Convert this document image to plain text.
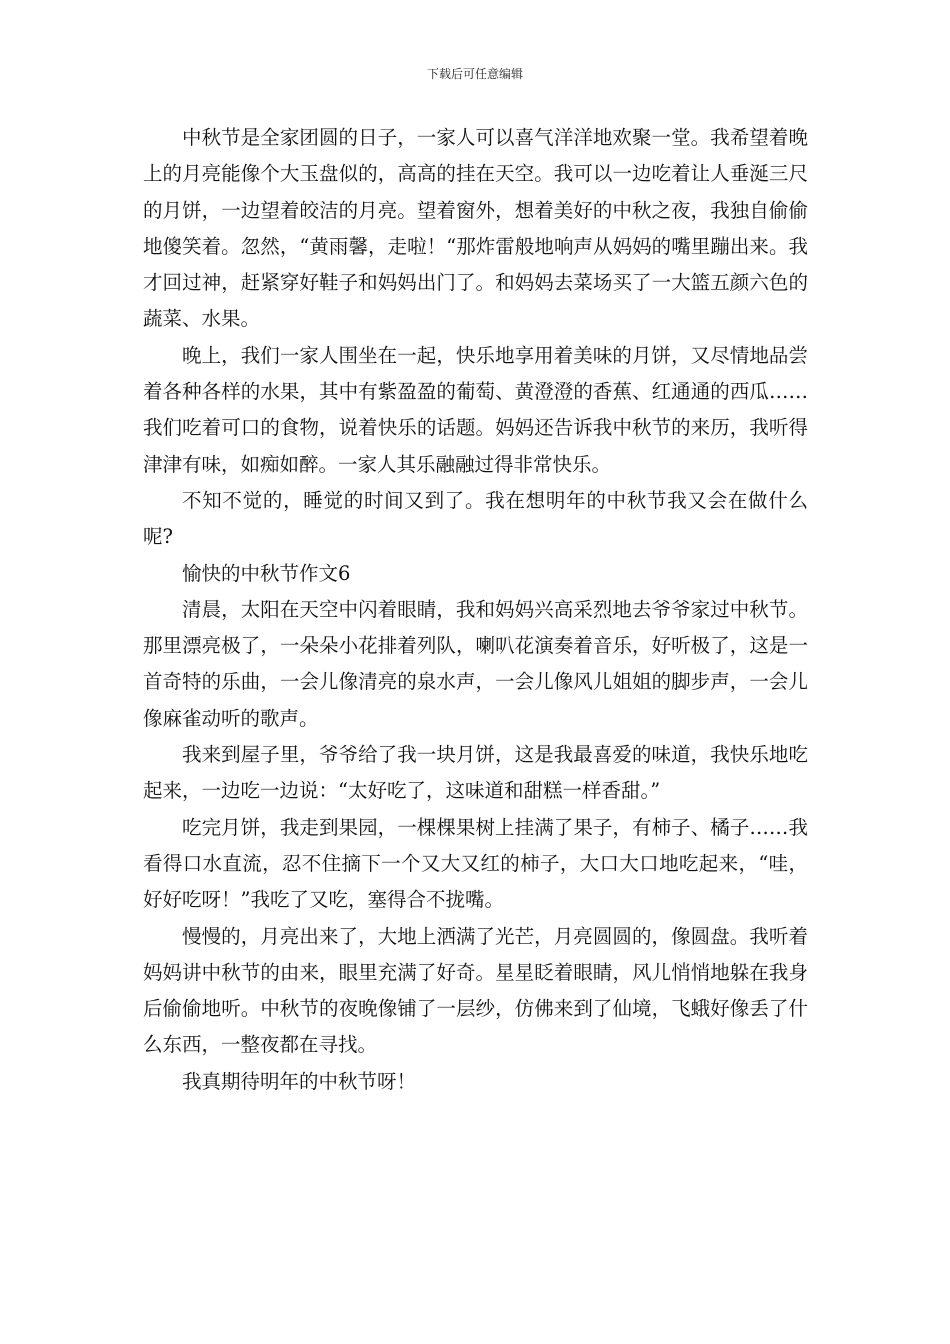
下载后可任意编辑

中秋节是全家团圆的日子，一家人可以喜气洋洋地欢聚一堂。我希望着晚上的月亮能像个大玉盘似的，高高的挂在天空。我可以一边吃着让人垂涎三尺的月饼，一边望着皎洁的月亮。望着窗外，想着美好的中秋之夜，我独自偷偷地傻笑着。忽然，“黄雨馨，走啦！“那炸雷般地响声从妈妈的嘴里蹦出来。我才回过神，赶紧穿好鞋子和妈妈出门了。和妈妈去菜场买了一大篮五颜六色的蔬菜、水果。

晚上，我们一家人围坐在一起，快乐地享用着美味的月饼，又尽情地品尝着各种各样的水果，其中有紫盈盈的葡萄、黄澄澄的香蕉、红通通的西瓜……我们吃着可口的食物，说着快乐的话题。妈妈还告诉我中秋节的来历，我听得津津有味，如痴如醉。一家人其乐融融过得非常快乐。

不知不觉的，睡觉的时间又到了。我在想明年的中秋节我又会在做什么呢?

愉快的中秋节作文6

清晨，太阳在天空中闪着眼睛，我和妈妈兴高采烈地去爷爷家过中秋节。那里漂亮极了，一朵朵小花排着列队，喇叭花演奏着音乐，好听极了，这是一首奇特的乐曲，一会儿像清亮的泉水声，一会儿像风儿姐姐的脚步声，一会儿像麻雀动听的歌声。

我来到屋子里，爷爷给了我一块月饼，这是我最喜爱的味道，我快乐地吃起来，一边吃一边说：“太好吃了，这味道和甜糕一样香甜。”

吃完月饼，我走到果园，一棵棵果树上挂满了果子，有柿子、橘子……我看得口水直流，忍不住摘下一个又大又红的柿子，大口大口地吃起来，“哇，好好吃呀！”我吃了又吃，塞得合不拢嘴。

慢慢的，月亮出来了，大地上洒满了光芒，月亮圆圆的，像圆盘。我听着妈妈讲中秋节的由来，眼里充满了好奇。星星眨着眼睛，风儿悄悄地躲在我身后偷偷地听。中秋节的夜晚像铺了一层纱，仿佛来到了仙境，飞蛾好像丢了什么东西，一整夜都在寻找。

我真期待明年的中秋节呀！
